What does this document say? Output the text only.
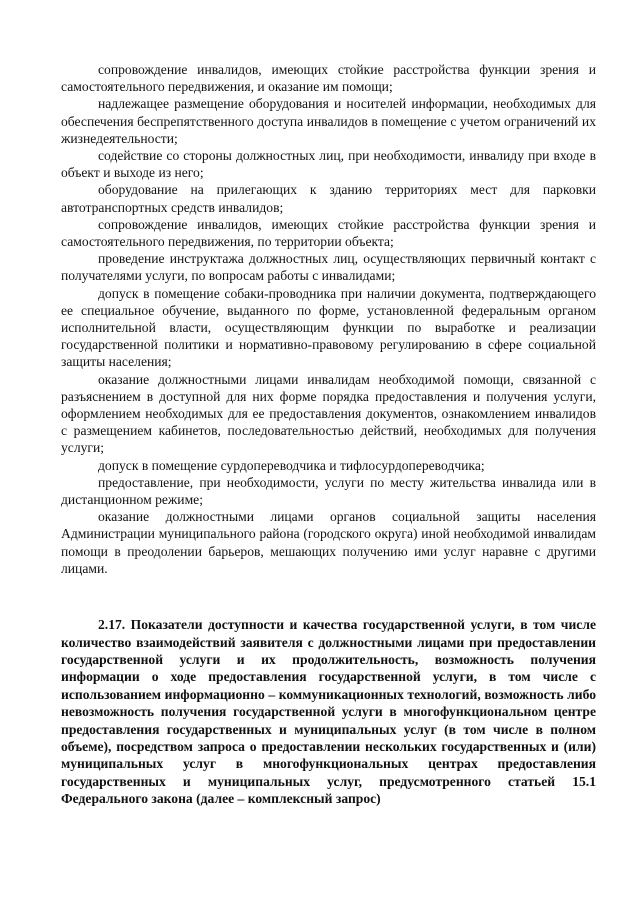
сопровождение инвалидов, имеющих стойкие расстройства функции зрения и самостоятельного передвижения, и оказание им помощи;

надлежащее размещение оборудования и носителей информации, необходимых для обеспечения беспрепятственного доступа инвалидов в помещение с учетом ограничений их жизнедеятельности;

содействие со стороны должностных лиц, при необходимости, инвалиду при входе в объект и выходе из него;

оборудование на прилегающих к зданию территориях мест для парковки автотранспортных средств инвалидов;

сопровождение инвалидов, имеющих стойкие расстройства функции зрения и самостоятельного передвижения, по территории объекта;

проведение инструктажа должностных лиц, осуществляющих первичный контакт с получателями услуги, по вопросам работы с инвалидами;

допуск в помещение собаки-проводника при наличии документа, подтверждающего ее специальное обучение, выданного по форме, установленной федеральным органом исполнительной власти, осуществляющим функции по выработке и реализации государственной политики и нормативно-правовому регулированию в сфере социальной защиты населения;

оказание должностными лицами инвалидам необходимой помощи, связанной с разъяснением в доступной для них форме порядка предоставления и получения услуги, оформлением необходимых для ее предоставления документов, ознакомлением инвалидов с размещением кабинетов, последовательностью действий, необходимых для получения услуги;

допуск в помещение сурдопереводчика и тифлосурдопереводчика;

предоставление, при необходимости, услуги по месту жительства инвалида или в дистанционном режиме;

оказание должностными лицами органов социальной защиты населения Администрации муниципального района (городского округа) иной необходимой инвалидам помощи в преодолении барьеров, мешающих получению ими услуг наравне с другими лицами.

2.17. Показатели доступности и качества государственной услуги, в том числе количество взаимодействий заявителя с должностными лицами при предоставлении государственной услуги и их продолжительность, возможность получения информации о ходе предоставления государственной услуги, в том числе с использованием информационно – коммуникационных технологий, возможность либо невозможность получения государственной услуги в многофункциональном центре предоставления государственных и муниципальных услуг (в том числе в полном объеме), посредством запроса о предоставлении нескольких государственных и (или) муниципальных услуг в многофункциональных центрах предоставления государственных и муниципальных услуг, предусмотренного статьей 15.1 Федерального закона (далее – комплексный запрос)
